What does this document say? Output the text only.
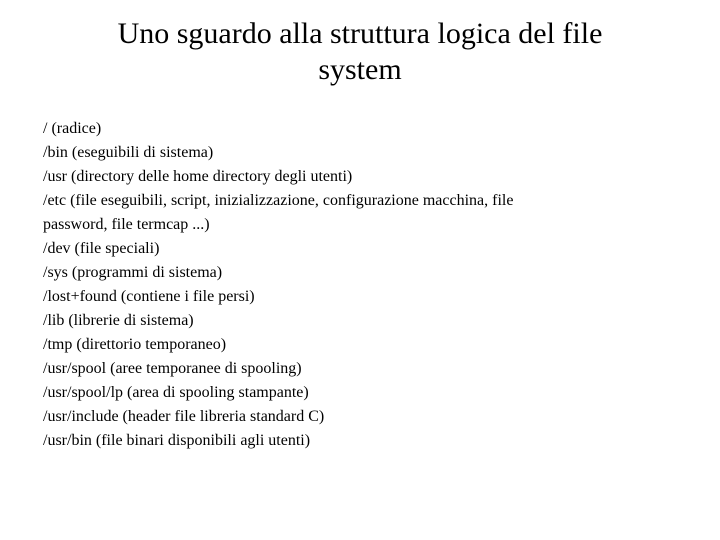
Uno sguardo alla struttura logica del file
system
/ (radice)
/bin (eseguibili di sistema)
/usr (directory delle home directory degli utenti)
/etc (file eseguibili, script, inizializzazione, configurazione macchina, file
password, file termcap ...)
/dev (file speciali)
/sys (programmi di sistema)
/lost+found (contiene i file persi)
/lib (librerie di sistema)
/tmp (direttorio temporaneo)
/usr/spool (aree temporanee di spooling)
/usr/spool/lp (area di spooling stampante)
/usr/include (header file libreria standard C)
/usr/bin (file binari disponibili agli utenti)
